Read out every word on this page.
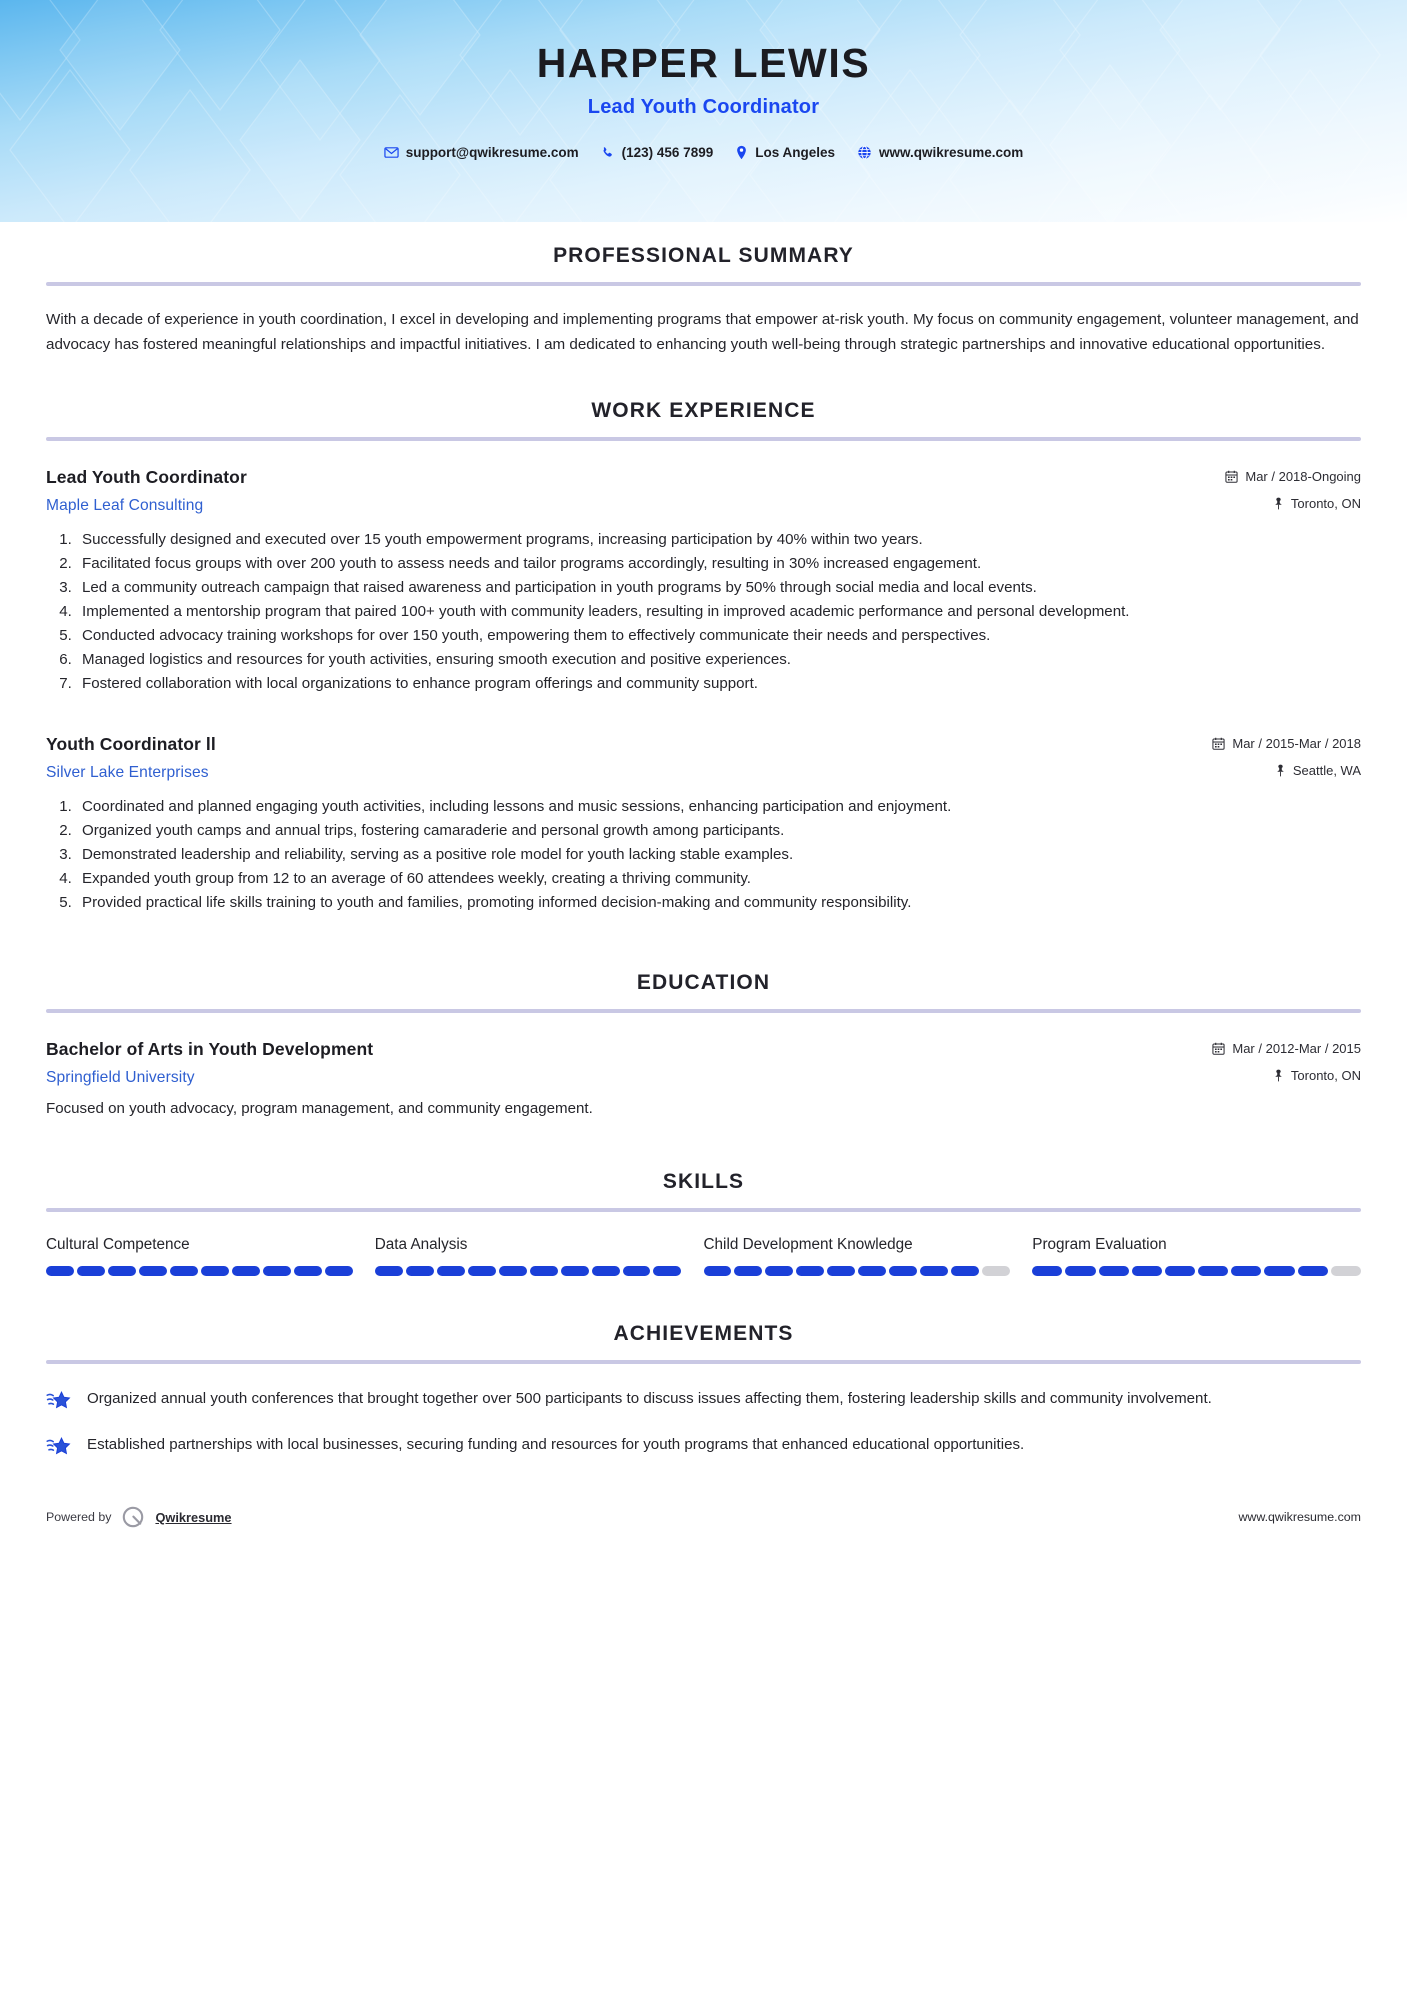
HARPER LEWIS
Lead Youth Coordinator
support@qwikresume.com	(123) 456 7899	Los Angeles	www.qwikresume.com
PROFESSIONAL SUMMARY

With a decade of experience in youth coordination, I excel in developing and implementing programs that empower at-risk youth. My focus on community engagement, volunteer management, and advocacy has fostered meaningful relationships and impactful initiatives. I am dedicated to enhancing youth well-being through strategic partnerships and innovative educational opportunities.

WORK EXPERIENCE
Lead Youth Coordinator	Mar / 2018-Ongoing
Maple Leaf Consulting	Toronto, ON
1. Successfully designed and executed over 15 youth empowerment programs, increasing participation by 40% within two years.
2. Facilitated focus groups with over 200 youth to assess needs and tailor programs accordingly, resulting in 30% increased engagement.
3. Led a community outreach campaign that raised awareness and participation in youth programs by 50% through social media and local events.
4. Implemented a mentorship program that paired 100+ youth with community leaders, resulting in improved academic performance and personal development.
5. Conducted advocacy training workshops for over 150 youth, empowering them to effectively communicate their needs and perspectives.
6. Managed logistics and resources for youth activities, ensuring smooth execution and positive experiences.
7. Fostered collaboration with local organizations to enhance program offerings and community support.
Youth Coordinator ll	Mar / 2015-Mar / 2018
Silver Lake Enterprises	Seattle, WA
1. Coordinated and planned engaging youth activities, including lessons and music sessions, enhancing participation and enjoyment.
2. Organized youth camps and annual trips, fostering camaraderie and personal growth among participants.
3. Demonstrated leadership and reliability, serving as a positive role model for youth lacking stable examples.
4. Expanded youth group from 12 to an average of 60 attendees weekly, creating a thriving community.
5. Provided practical life skills training to youth and families, promoting informed decision-making and community responsibility.
EDUCATION
Bachelor of Arts in Youth Development	Mar / 2012-Mar / 2015
Springfield University	Toronto, ON
Focused on youth advocacy, program management, and community engagement.
SKILLS
Cultural Competence	Data Analysis	Child Development Knowledge	Program Evaluation
ACHIEVEMENTS
Organized annual youth conferences that brought together over 500 participants to discuss issues affecting them, fostering leadership skills and community involvement.
Established partnerships with local businesses, securing funding and resources for youth programs that enhanced educational opportunities.
Powered by	Qwikresume	www.qwikresume.com
